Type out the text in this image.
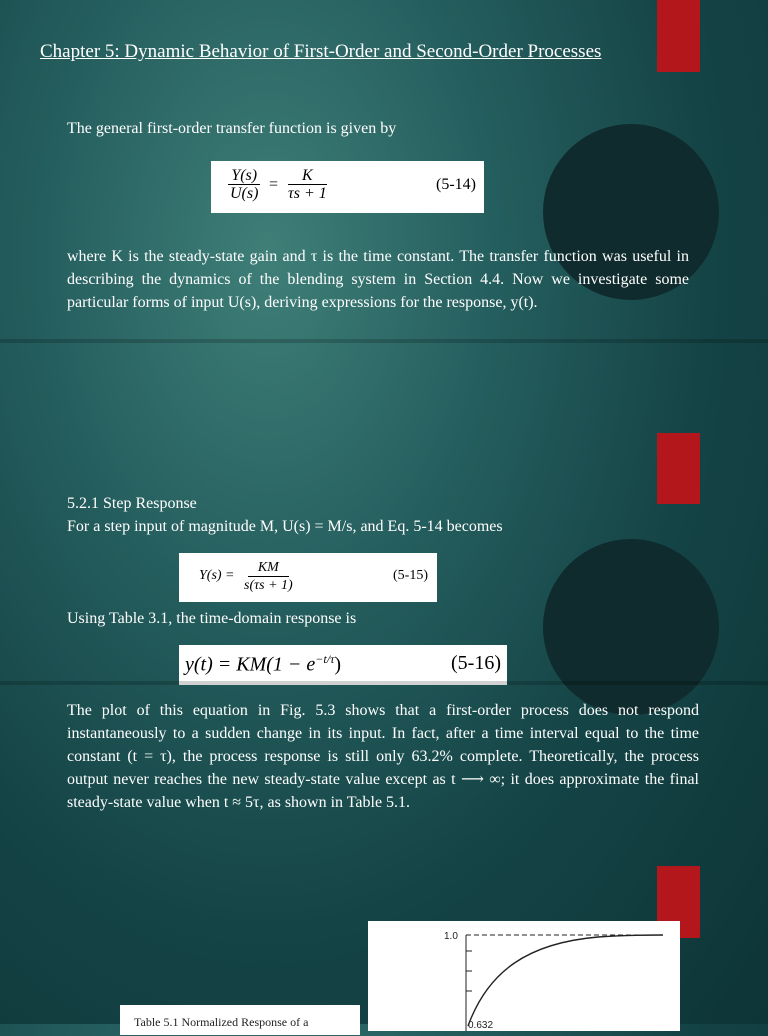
Chapter 5: Dynamic Behavior of First-Order and Second-Order Processes
The general first-order transfer function is given by
$\frac{Y(s)}{U(s)} = \frac{K}{\tau s + 1}$	(5-14)
where K is the steady-state gain and τ is the time constant. The transfer function was useful in describing the dynamics of the blending system in Section 4.4. Now we investigate some particular forms of input U(s), deriving expressions for the response, y(t).
5.2.1 Step Response
For a step input of magnitude M, U(s) = M/s, and Eq. 5-14 becomes
$Y(s) = \frac{KM}{s(\tau s + 1)}$	(5-15)
Using Table 3.1, the time-domain response is
$y(t) = KM(1 - e^{-t/\tau})$	(5-16)
The plot of this equation in Fig. 5.3 shows that a first-order process does not respond instantaneously to a sudden change in its input. In fact, after a time interval equal to the time constant (t = τ), the process response is still only 63.2% complete. Theoretically, the process output never reaches the new steady-state value except as t ⟶ ∞; it does approximate the final steady-state value when t ≈ 5τ, as shown in Table 5.1.
1.0
0.632
Table 5.1 Normalized Response of a
